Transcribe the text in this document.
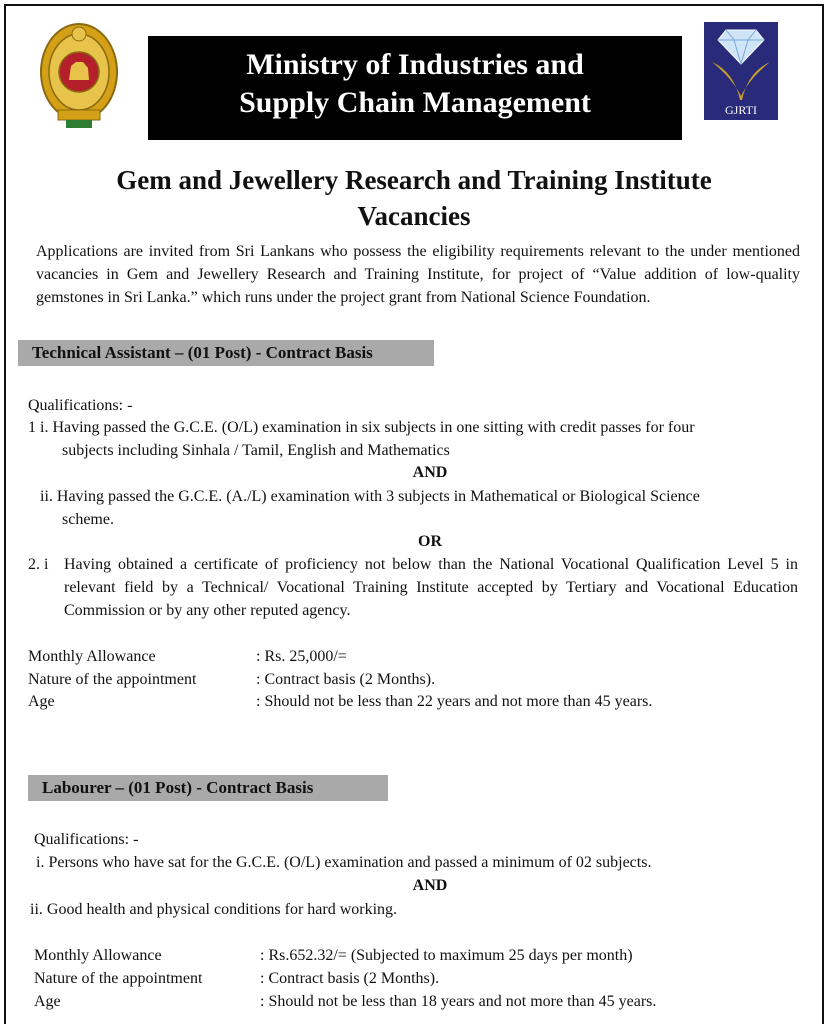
GJRTI
Ministry of Industries and
Supply Chain Management
Gem and Jewellery Research and Training Institute
Vacancies

Applications are invited from Sri Lankans who possess the eligibility requirements relevant to the under mentioned vacancies in Gem and Jewellery Research and Training Institute, for project of “Value addition of low-quality gemstones in Sri Lanka.” which runs under the project grant from National Science Foundation.

Technical Assistant – (01 Post) - Contract Basis
Qualifications: -
1 i. Having passed the G.C.E. (O/L) examination in six subjects in one sitting with credit passes for four
subjects including Sinhala / Tamil, English and Mathematics
AND
ii. Having passed the G.C.E. (A./L) examination with 3 subjects in Mathematical or Biological Science
scheme.
OR
2. i Having obtained a certificate of proficiency not below than the National Vocational Qualification Level 5 in relevant field by a Technical/ Vocational Training Institute accepted by Tertiary and Vocational Education Commission or by any other reputed agency.

Monthly Allowance	: Rs. 25,000/=
Nature of the appointment	: Contract basis (2 Months).
Age	: Should not be less than 22 years and not more than 45 years.
Labourer – (01 Post) - Contract Basis
Qualifications: -
i. Persons who have sat for the G.C.E. (O/L) examination and passed a minimum of 02 subjects.
AND
ii. Good health and physical conditions for hard working.
Monthly Allowance	: Rs.652.32/= (Subjected to maximum 25 days per month)
Nature of the appointment	: Contract basis (2 Months).
Age	: Should not be less than 18 years and not more than 45 years.
